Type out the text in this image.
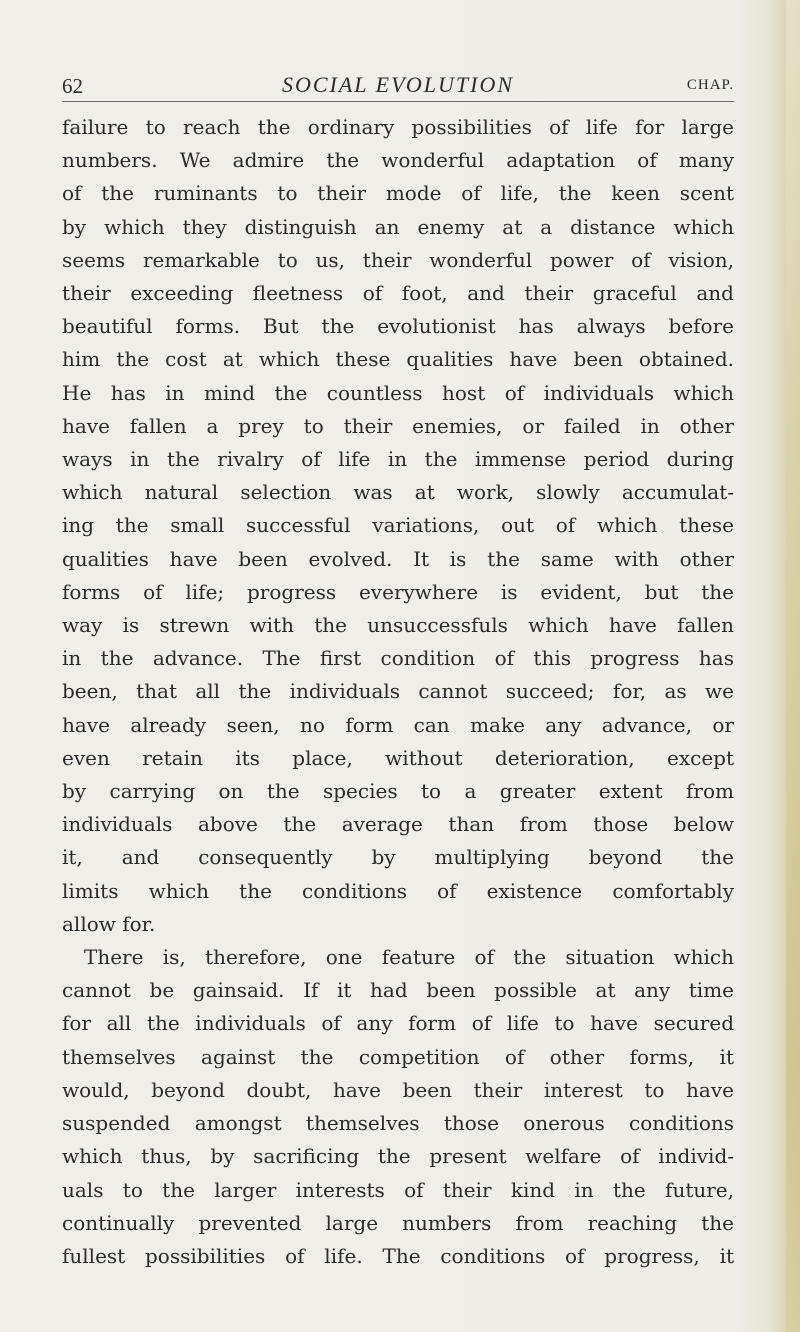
62	SOCIAL EVOLUTION	CHAP.

failure to reach the ordinary possibilities of life for large

numbers. We admire the wonderful adaptation of many

of the ruminants to their mode of life, the keen scent

by which they distinguish an enemy at a distance which

seems remarkable to us, their wonderful power of vision,

their exceeding fleetness of foot, and their graceful and

beautiful forms. But the evolutionist has always before

him the cost at which these qualities have been obtained.

He has in mind the countless host of individuals which

have fallen a prey to their enemies, or failed in other

ways in the rivalry of life in the immense period during

which natural selection was at work, slowly accumulat-

ing the small successful variations, out of which these

qualities have been evolved. It is the same with other

forms of life; progress everywhere is evident, but the

way is strewn with the unsuccessfuls which have fallen

in the advance. The first condition of this progress has

been, that all the individuals cannot succeed; for, as we

have already seen, no form can make any advance, or

even retain its place, without deterioration, except

by carrying on the species to a greater extent from

individuals above the average than from those below

it, and consequently by multiplying beyond the

limits which the conditions of existence comfortably

allow for.

There is, therefore, one feature of the situation which

cannot be gainsaid. If it had been possible at any time

for all the individuals of any form of life to have secured

themselves against the competition of other forms, it

would, beyond doubt, have been their interest to have

suspended amongst themselves those onerous conditions

which thus, by sacrificing the present welfare of individ-

uals to the larger interests of their kind in the future,

continually prevented large numbers from reaching the

fullest possibilities of life. The conditions of progress, it
